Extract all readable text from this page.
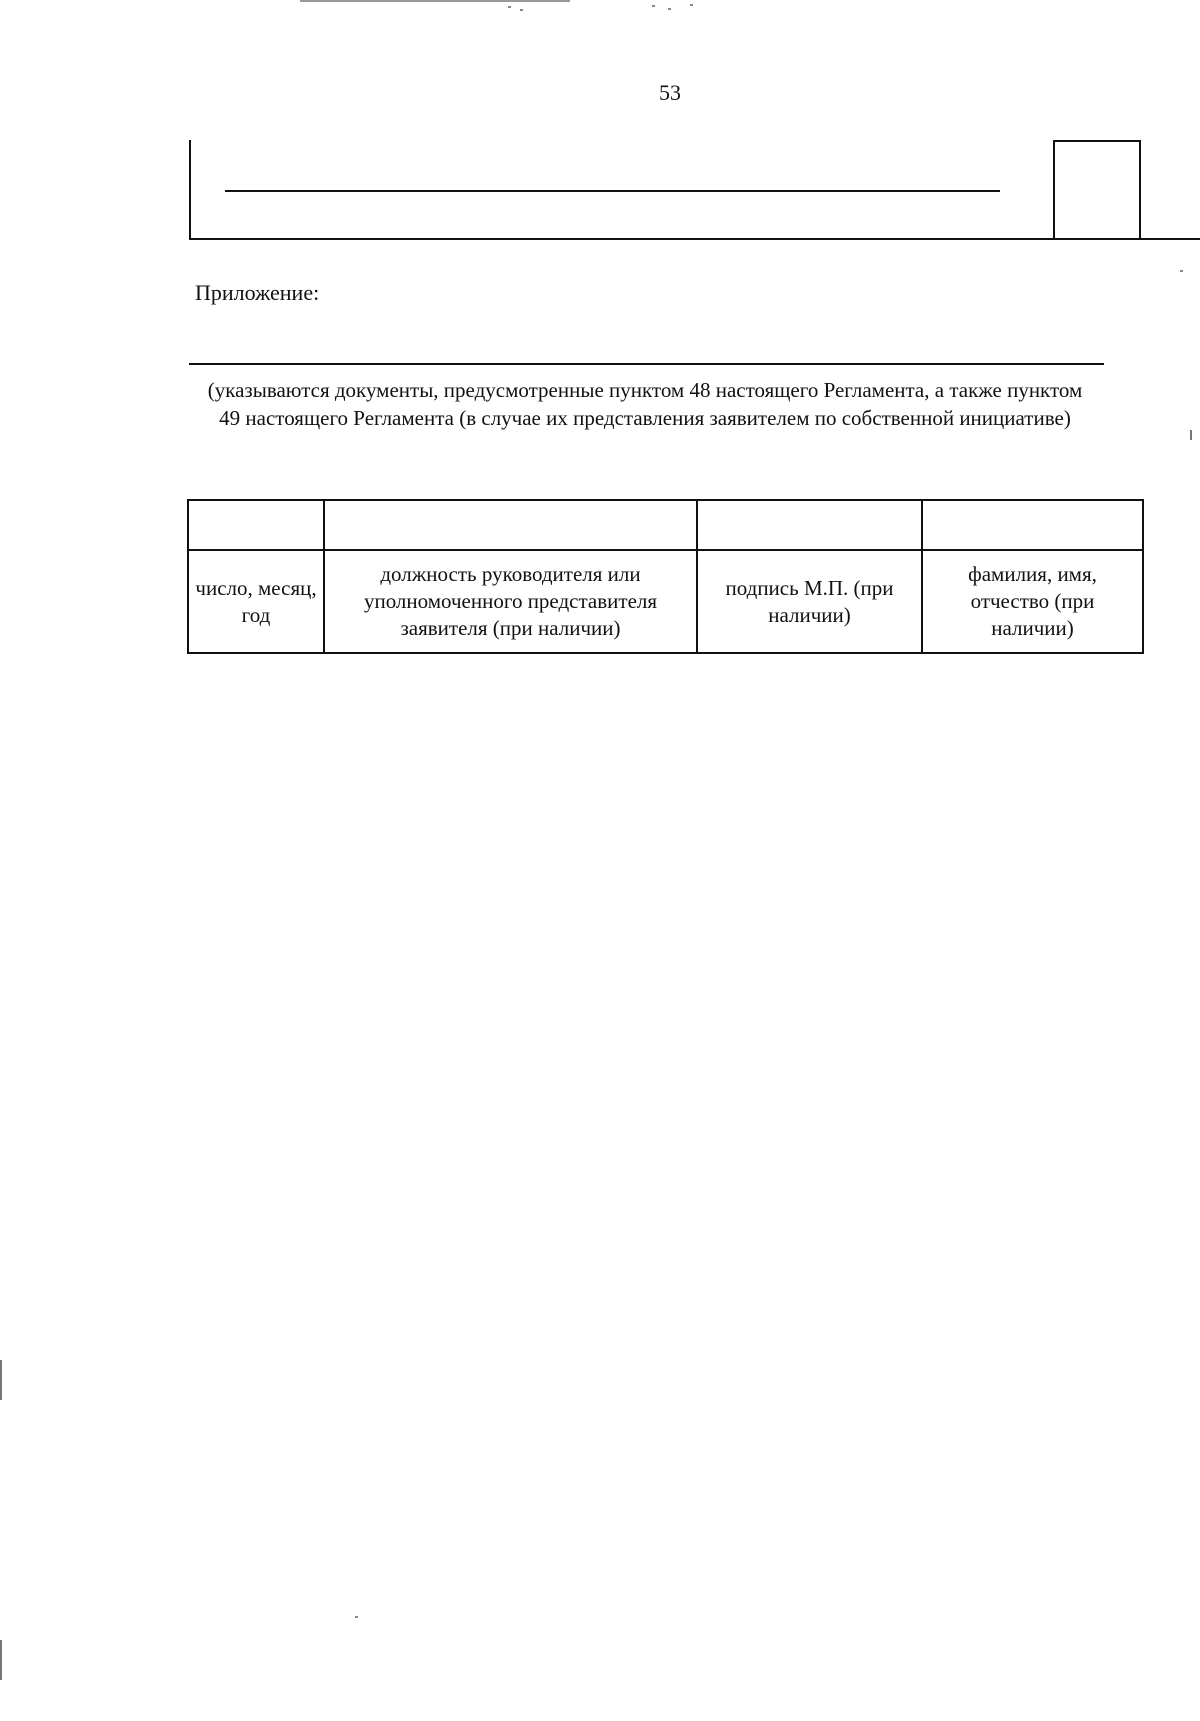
53
Приложение:
(указываются документы, предусмотренные пунктом 48 настоящего Регламента, а также пунктом 49 настоящего Регламента (в случае их представления заявителем по собственной инициативе)

число, месяц, год	должность руководителя или уполномоченного представителя заявителя (при наличии)	подпись М.П. (при наличии)	фамилия, имя, отчество (при наличии)
